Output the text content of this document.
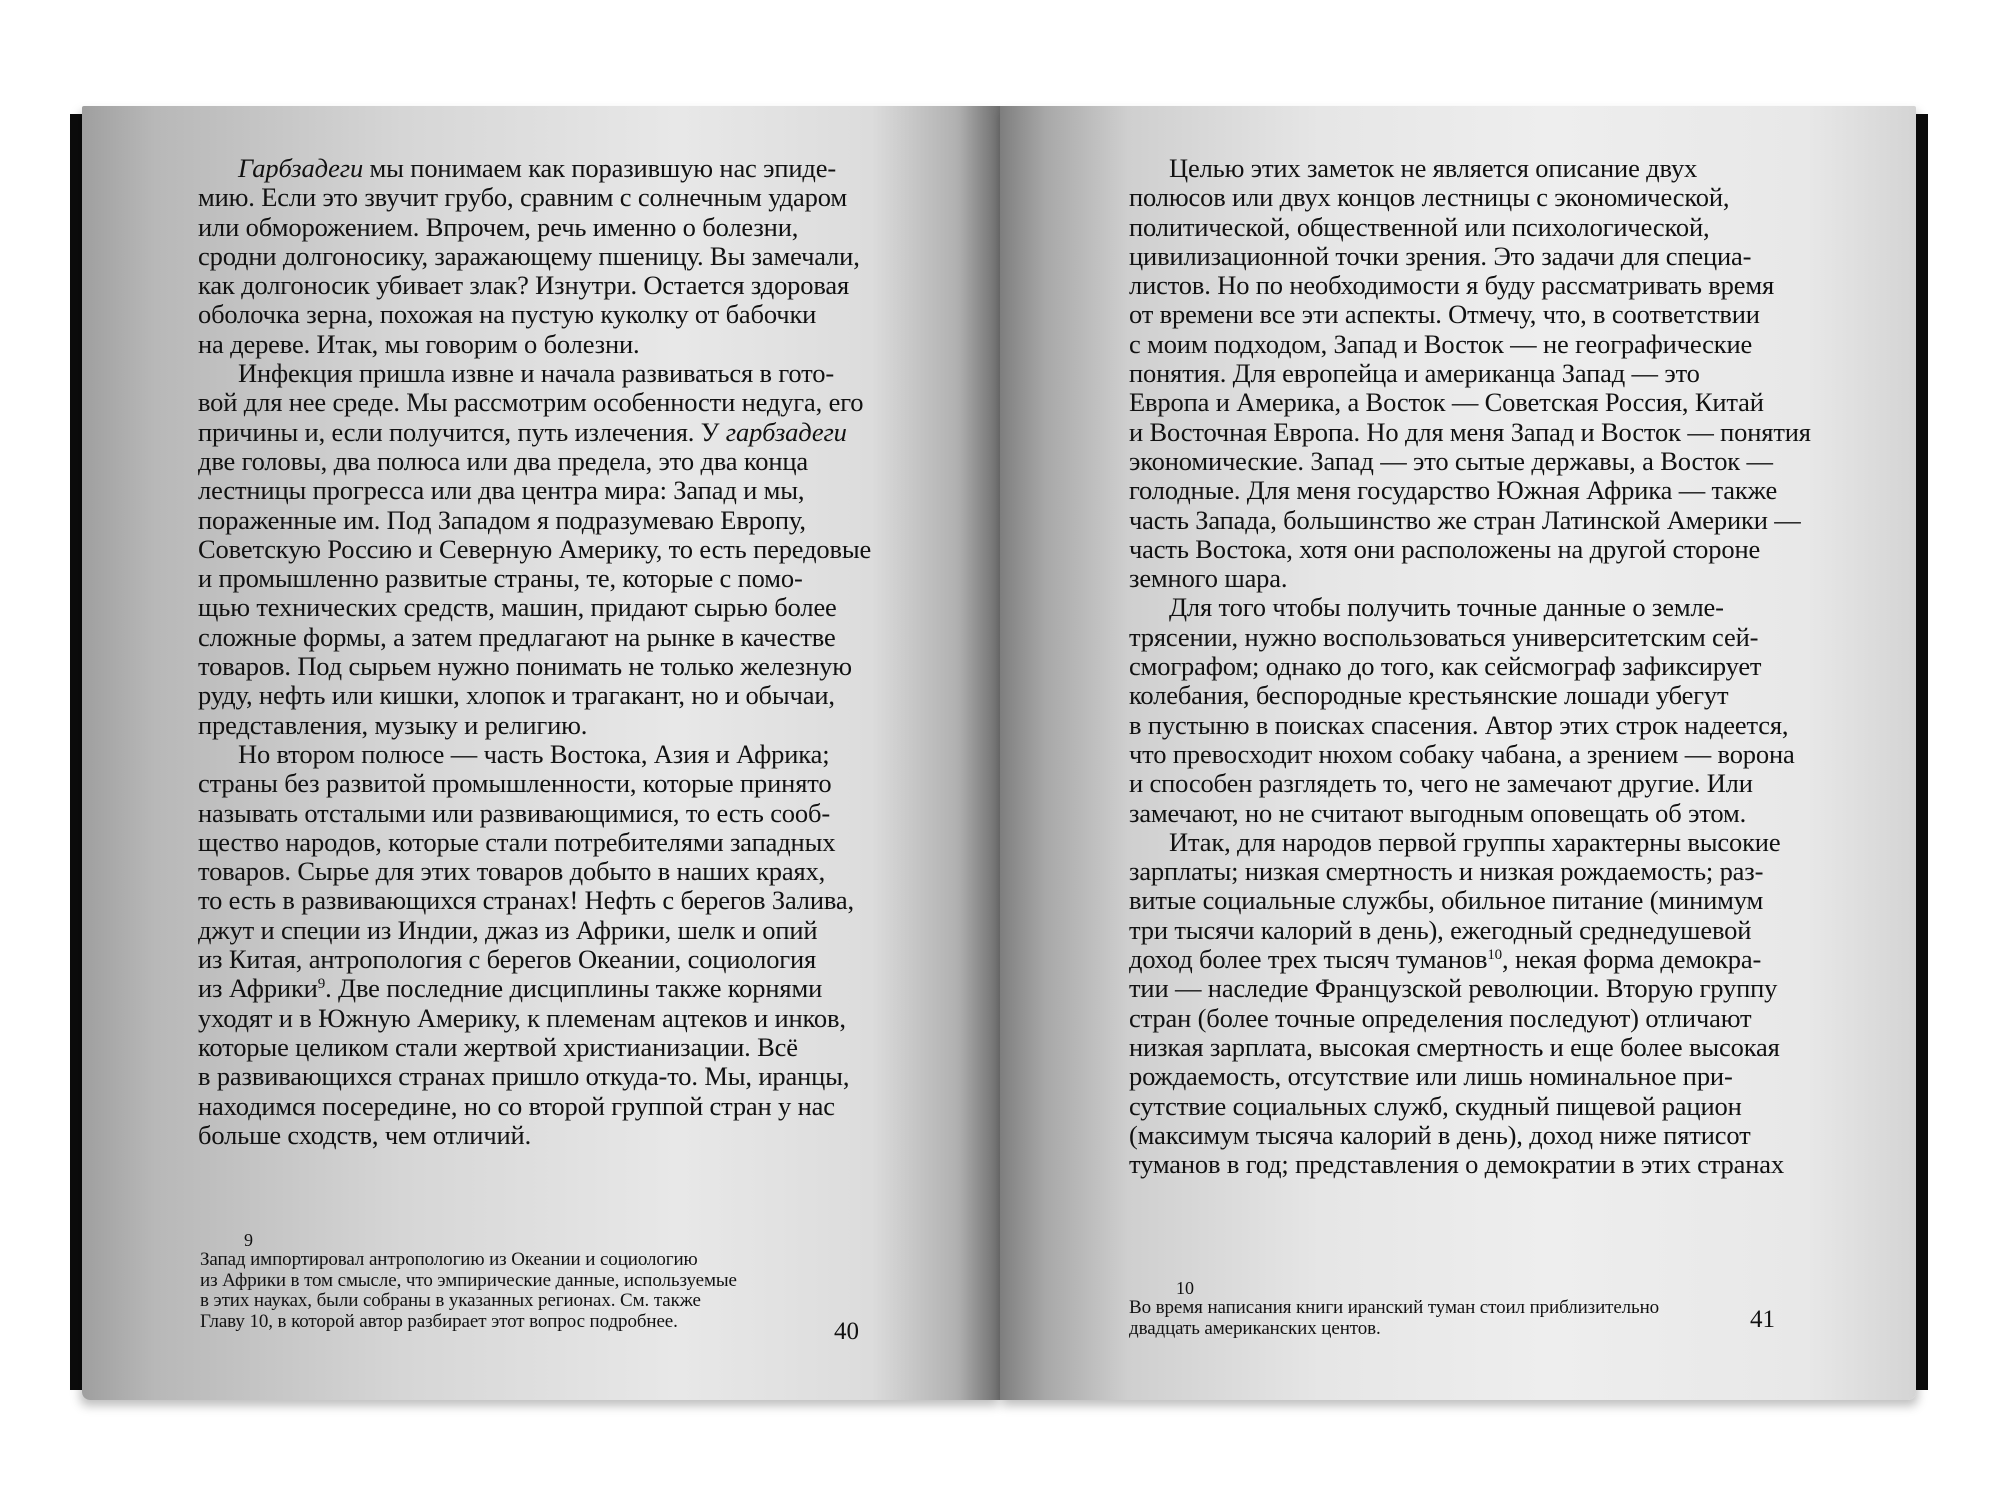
Гарбзадеги мы понимаем как поразившую нас эпиде-
мию. Если это звучит грубо, сравним с солнечным ударом
или обморожением. Впрочем, речь именно о болезни,
сродни долгоносику, заражающему пшеницу. Вы замечали,
как долгоносик убивает злак? Изнутри. Остается здоровая
оболочка зерна, похожая на пустую куколку от бабочки
на дереве. Итак, мы говорим о болезни.
Инфекция пришла извне и начала развиваться в гото-
вой для нее среде. Мы рассмотрим особенности недуга, его
причины и, если получится, путь излечения. У гарбзадеги
две головы, два полюса или два предела, это два конца
лестницы прогресса или два центра мира: Запад и мы,
пораженные им. Под Западом я подразумеваю Европу,
Советскую Россию и Северную Америку, то есть передовые
и промышленно развитые страны, те, которые с помо-
щью технических средств, машин, придают сырью более
сложные формы, а затем предлагают на рынке в качестве
товаров. Под сырьем нужно понимать не только железную
руду, нефть или кишки, хлопок и трагакант, но и обычаи,
представления, музыку и религию.
Но втором полюсе — часть Востока, Азия и Африка;
страны без развитой промышленности, которые принято
называть отсталыми или развивающимися, то есть сооб-
щество народов, которые стали потребителями западных
товаров. Сырье для этих товаров добыто в наших краях,
то есть в развивающихся странах! Нефть с берегов Залива,
джут и специи из Индии, джаз из Африки, шелк и опий
из Китая, антропология с берегов Океании, социология
из Африки$^9$. Две последние дисциплины также корнями
уходят и в Южную Америку, к племенам ацтеков и инков,
которые целиком стали жертвой христианизации. Всё
в развивающихся странах пришло откуда-то. Мы, иранцы,
находимся посередине, но со второй группой стран у нас
больше сходств, чем отличий.
9
Запад импортировал антропологию из Океании и социологию
из Африки в том смысле, что эмпирические данные, используемые
в этих науках, были собраны в указанных регионах. См. также
Главу 10, в которой автор разбирает этот вопрос подробнее.	40
Целью этих заметок не является описание двух
полюсов или двух концов лестницы с экономической,
политической, общественной или психологической,
цивилизационной точки зрения. Это задачи для специа-
листов. Но по необходимости я буду рассматривать время
от времени все эти аспекты. Отмечу, что, в соответствии
с моим подходом, Запад и Восток — не географические
понятия. Для европейца и американца Запад — это
Европа и Америка, а Восток — Советская Россия, Китай
и Восточная Европа. Но для меня Запад и Восток — понятия
экономические. Запад — это сытые державы, а Восток —
голодные. Для меня государство Южная Африка — также
часть Запада, большинство же стран Латинской Америки —
часть Востока, хотя они расположены на другой стороне
земного шара.
Для того чтобы получить точные данные о земле-
трясении, нужно воспользоваться университетским сей-
смографом; однако до того, как сейсмограф зафиксирует
колебания, беспородные крестьянские лошади убегут
в пустыню в поисках спасения. Автор этих строк надеется,
что превосходит нюхом собаку чабана, а зрением — ворона
и способен разглядеть то, чего не замечают другие. Или
замечают, но не считают выгодным оповещать об этом.
Итак, для народов первой группы характерны высокие
зарплаты; низкая смертность и низкая рождаемость; раз-
витые социальные службы, обильное питание (минимум
три тысячи калорий в день), ежегодный среднедушевой
доход более трех тысяч туманов$^{10}$, некая форма демокра-
тии — наследие Французской революции. Вторую группу
стран (более точные определения последуют) отличают
низкая зарплата, высокая смертность и еще более высокая
рождаемость, отсутствие или лишь номинальное при-
сутствие социальных служб, скудный пищевой рацион
(максимум тысяча калорий в день), доход ниже пятисот
туманов в год; представления о демократии в этих странах
10
Во время написания книги иранский туман стоил приблизительно
двадцать американских центов.	41
